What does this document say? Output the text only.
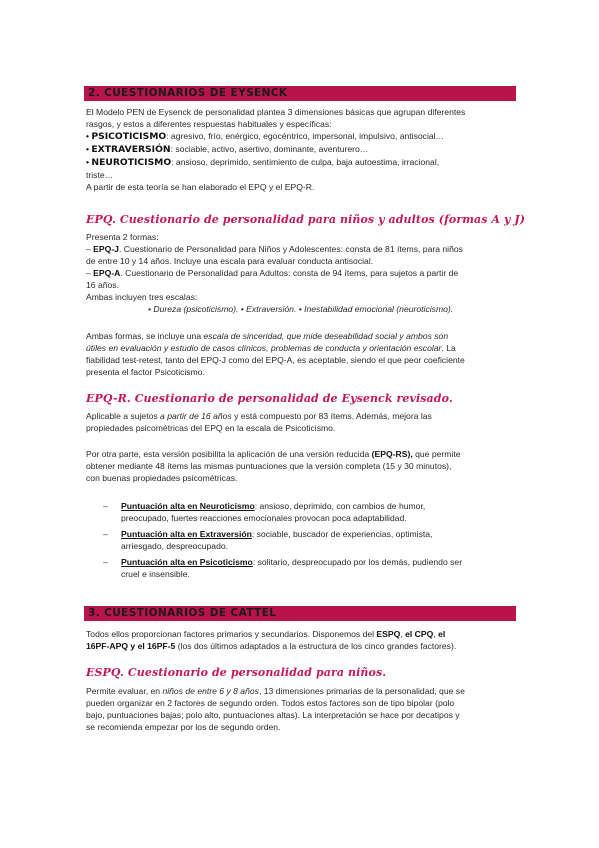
2. CUESTIONARIOS DE EYSENCK
El Modelo PEN de Eysenck de personalidad plantea 3 dimensiones básicas que agrupan diferentes
rasgos, y estos a diferentes respuestas habituales y específicas:
• PSICOTICISMO: agresivo, frío, enérgico, egocéntrico, impersonal, impulsivo, antisocial…
• EXTRAVERSIÓN: sociable, activo, asertivo, dominante, aventurero…
• NEUROTICISMO: ansioso, deprimido, sentimiento de culpa, baja autoestima, irracional,
triste…
A partir de esta teoría se han elaborado el EPQ y el EPQ-R.
EPQ. Cuestionario de personalidad para niños y adultos (formas A y J)
Presenta 2 formas:
– EPQ-J. Cuestionario de Personalidad para Niños y Adolescentes: consta de 81 ítems, para niños
de entre 10 y 14 años. Incluye una escala para evaluar conducta antisocial.
– EPQ-A. Cuestionario de Personalidad para Adultos: consta de 94 ítems, para sujetos a partir de
16 años.
Ambas incluyen tres escalas:
• Dureza (psicoticismo). • Extraversión. • Inestabilidad emocional (neuroticismo).
Ambas formas, se incluye una escala de sinceridad, que mide deseabilidad social y ambos son
útiles en evaluación y estudio de casos clínicos, problemas de conducta y orientación escolar. La
fiabilidad test-retest, tanto del EPQ-J como del EPQ-A, es aceptable, siendo el que peor coeficiente
presenta el factor Psicoticismo.
EPQ-R. Cuestionario de personalidad de Eysenck revisado.
Aplicable a sujetos a partir de 16 años y está compuesto por 83 ítems. Además, mejora las
propiedades psicométricas del EPQ en la escala de Psicoticismo.
Por otra parte, esta versión posibilita la aplicación de una versión reducida (EPQ-RS), que permite
obtener mediante 48 ítems las mismas puntuaciones que la versión completa (15 y 30 minutos),
con buenas propiedades psicométricas.
– Puntuación alta en Neuroticismo: ansioso, deprimido, con cambios de humor,
preocupado, fuertes reacciones emocionales provocan poca adaptabilidad.
– Puntuación alta en Extraversión: sociable, buscador de experiencias, optimista,
arriesgado, despreocupado.
– Puntuación alta en Psicoticismo: solitario, despreocupado por los demás, pudiendo ser
cruel e insensible.
3. CUESTIONARIOS DE CATTEL
Todos ellos proporcionan factores primarios y secundarios. Disponemos del ESPQ, el CPQ, el
16PF-APQ y el 16PF-5 (los dos últimos adaptados a la estructura de los cinco grandes factores).
ESPQ. Cuestionario de personalidad para niños.
Permite evaluar, en niños de entre 6 y 8 años, 13 dimensiones primarias de la personalidad, que se
pueden organizar en 2 factores de segundo orden. Todos estos factores son de tipo bipolar (polo
bajo, puntuaciones bajas; polo alto, puntuaciones altas). La interpretación se hace por decatipos y
se recomienda empezar por los de segundo orden.
